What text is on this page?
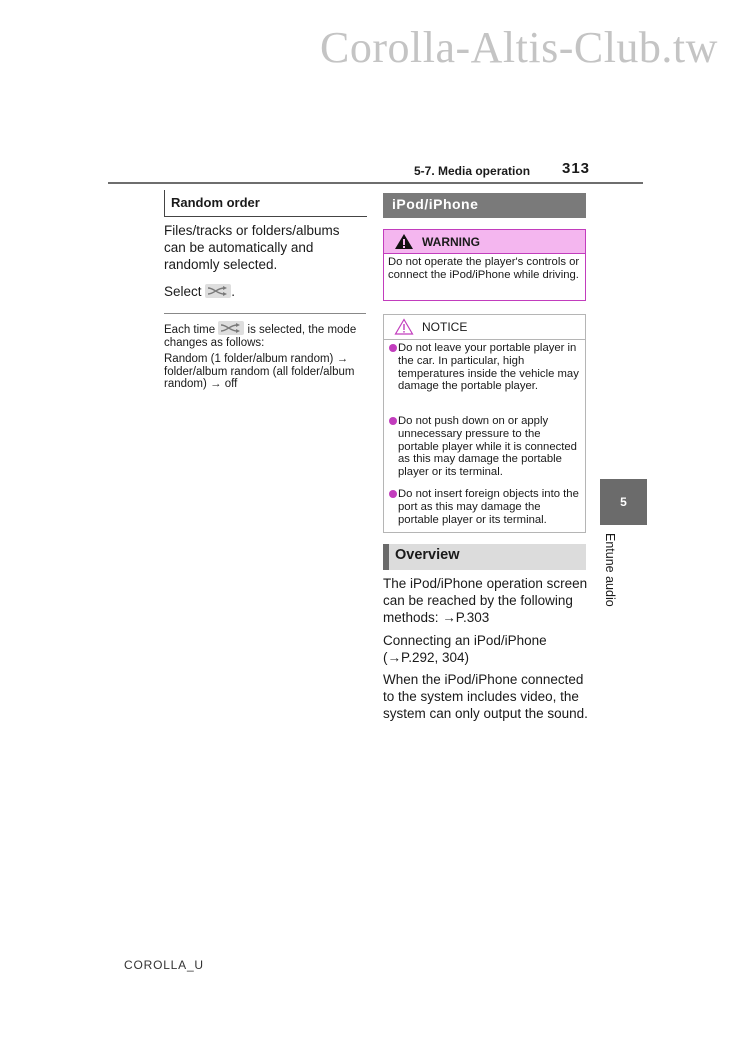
Corolla-Altis-Club.tw
5-7. Media operation 313
Random order
Files/tracks or folders/albums can be automatically and randomly selected.
Select .
Each time	is selected, the mode changes as follows:
Random (1 folder/album random) → folder/album random (all folder/album random) → off
iPod/iPhone
WARNING
Do not operate the player's controls or connect the iPod/iPhone while driving.
NOTICE
Do not leave your portable player in the car. In particular, high temperatures inside the vehicle may damage the portable player.
Do not push down on or apply unnecessary pressure to the portable player while it is connected as this may damage the portable player or its terminal.
Do not insert foreign objects into the port as this may damage the portable player or its terminal.
Overview
The iPod/iPhone operation screen can be reached by the following methods: →P.303
Connecting an iPod/iPhone (→P.292, 304)
When the iPod/iPhone connected to the system includes video, the system can only output the sound.
5
Entune audio
COROLLA_U
